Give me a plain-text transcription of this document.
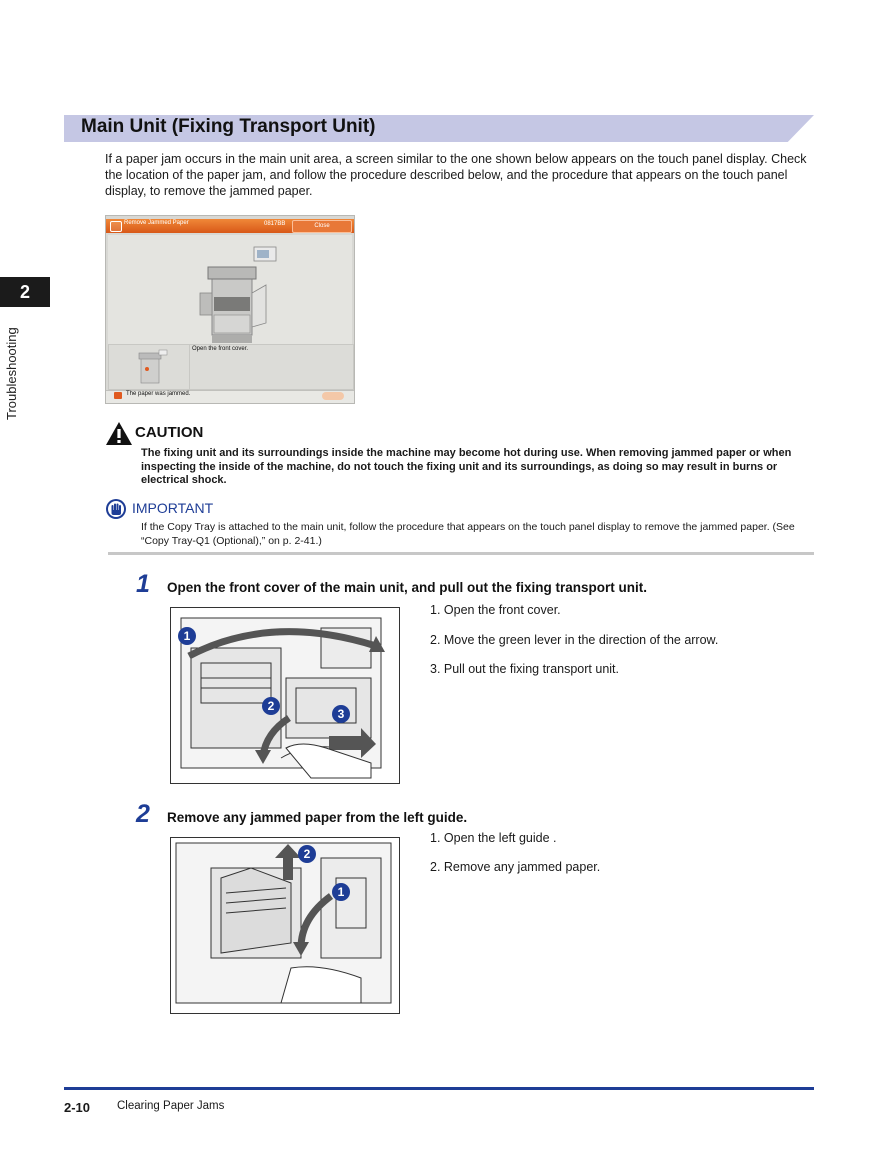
Main Unit (Fixing Transport Unit)
If a paper jam occurs in the main unit area, a screen similar to the one shown below appears on the touch panel display. Check the location of the paper jam, and follow the procedure described below, and the procedure that appears on the touch panel display, to remove the jammed paper.
2
Troubleshooting
Remove Jammed Paper	0817BB	Close
Open the front cover.
The paper was jammed.
CAUTION
The fixing unit and its surroundings inside the machine may become hot during use. When removing jammed paper or when inspecting the inside of the machine, do not touch the fixing unit and its surroundings, as doing so may result in burns or electrical shock.
IMPORTANT
If the Copy Tray is attached to the main unit, follow the procedure that appears on the touch panel display to remove the jammed paper. (See “Copy Tray-Q1 (Optional),” on p. 2-41.)
1 Open the front cover of the main unit, and pull out the fixing transport unit.
1
2
3
1. Open the front cover.
2. Move the green lever in the direction of the arrow.
3. Pull out the fixing transport unit.
2 Remove any jammed paper from the left guide.
2
1
1. Open the left guide .
2. Remove any jammed paper.
2-10 Clearing Paper Jams
